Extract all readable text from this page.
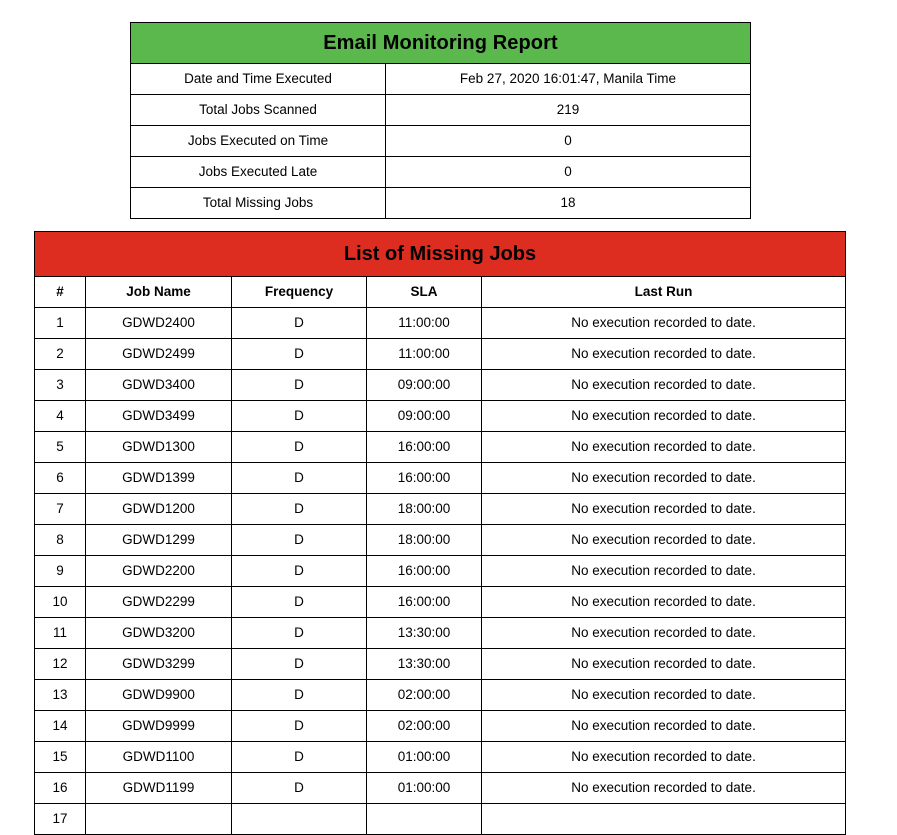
Email Monitoring Report	
Date and Time Executed	Feb 27, 2020 16:01:47, Manila Time
Total Jobs Scanned	219
Jobs Executed on Time	0
Jobs Executed Late	0
Total Missing Jobs	18
List of Missing Jobs				
#	Job Name	Frequency	SLA	Last Run
1	GDWD2400	D	11:00:00	No execution recorded to date.
2	GDWD2499	D	11:00:00	No execution recorded to date.
3	GDWD3400	D	09:00:00	No execution recorded to date.
4	GDWD3499	D	09:00:00	No execution recorded to date.
5	GDWD1300	D	16:00:00	No execution recorded to date.
6	GDWD1399	D	16:00:00	No execution recorded to date.
7	GDWD1200	D	18:00:00	No execution recorded to date.
8	GDWD1299	D	18:00:00	No execution recorded to date.
9	GDWD2200	D	16:00:00	No execution recorded to date.
10	GDWD2299	D	16:00:00	No execution recorded to date.
11	GDWD3200	D	13:30:00	No execution recorded to date.
12	GDWD3299	D	13:30:00	No execution recorded to date.
13	GDWD9900	D	02:00:00	No execution recorded to date.
14	GDWD9999	D	02:00:00	No execution recorded to date.
15	GDWD1100	D	01:00:00	No execution recorded to date.
16	GDWD1199	D	01:00:00	No execution recorded to date.
17				
